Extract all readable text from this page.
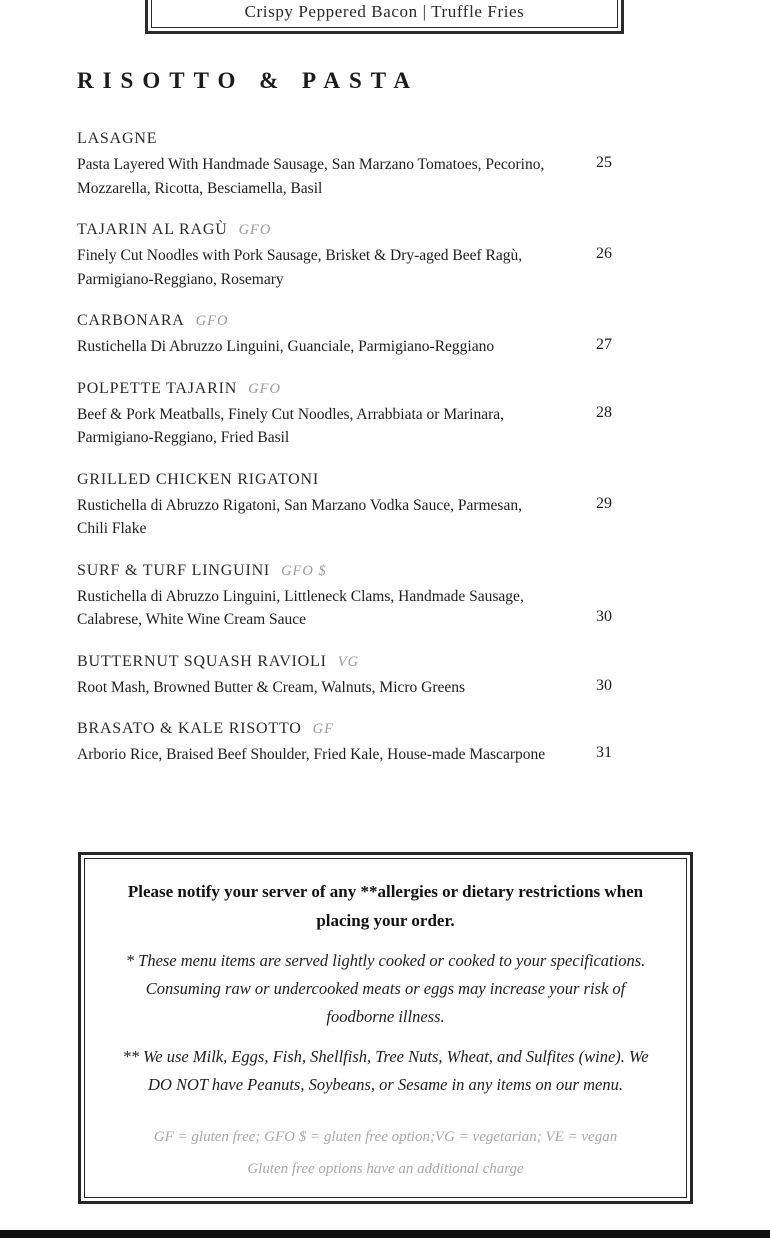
Crispy Peppered Bacon | Truffle Fries
RISOTTO & PASTA
LASAGNE
Pasta Layered With Handmade Sausage, San Marzano Tomatoes, Pecorino, Mozzarella, Ricotta, Besciamella, Basil
25
TAJARIN AL RAGÙ GFO
Finely Cut Noodles with Pork Sausage, Brisket & Dry-aged Beef Ragù, Parmigiano-Reggiano, Rosemary
26
CARBONARA GFO
Rustichella Di Abruzzo Linguini, Guanciale, Parmigiano-Reggiano	27
POLPETTE TAJARIN GFO
Beef & Pork Meatballs, Finely Cut Noodles, Arrabbiata or Marinara, Parmigiano-Reggiano, Fried Basil
28
GRILLED CHICKEN RIGATONI
Rustichella di Abruzzo Rigatoni, San Marzano Vodka Sauce, Parmesan, Chili Flake
29
SURF & TURF LINGUINI GFO $
Rustichella di Abruzzo Linguini, Littleneck Clams, Handmade Sausage, Calabrese, White Wine Cream Sauce	30
BUTTERNUT SQUASH RAVIOLI VG
Root Mash, Browned Butter & Cream, Walnuts, Micro Greens	30
BRASATO & KALE RISOTTO GF
Arborio Rice, Braised Beef Shoulder, Fried Kale, House-made Mascarpone	31
Please notify your server of any **allergies or dietary restrictions when placing your order.
* These menu items are served lightly cooked or cooked to your specifications. Consuming raw or undercooked meats or eggs may increase your risk of foodborne illness.
** We use Milk, Eggs, Fish, Shellfish, Tree Nuts, Wheat, and Sulfites (wine). We DO NOT have Peanuts, Soybeans, or Sesame in any items on our menu.
GF = gluten free; GFO $ = gluten free option;VG = vegetarian; VE = vegan
Gluten free options have an additional charge
